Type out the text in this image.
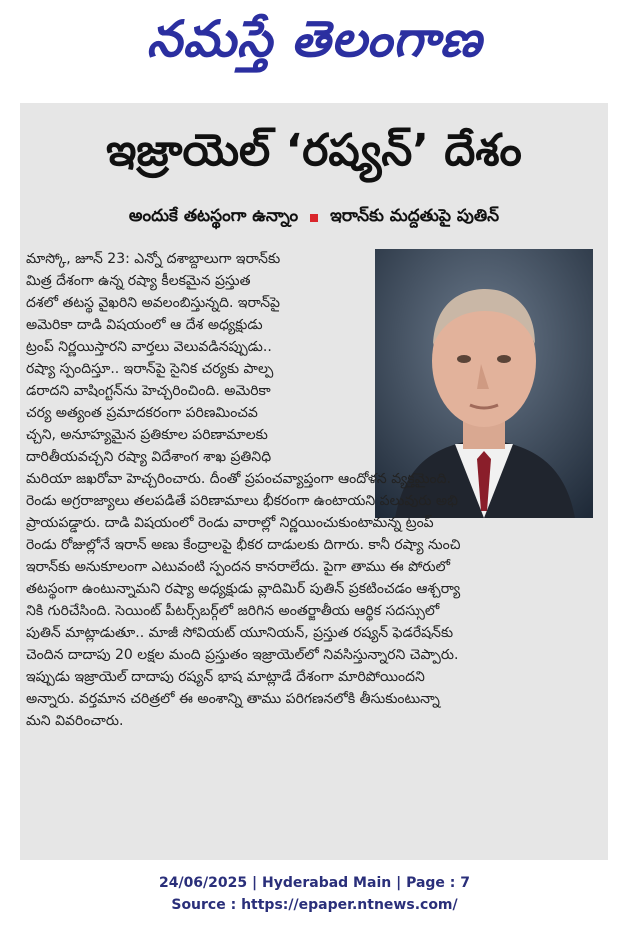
నమస్తే తెలంగాణ
ఇజ్రాయెల్ ‘రష్యన్’ దేశం
అందుకే తటస్థంగా ఉన్నాం ఇరాన్‌కు మద్దతుపై పుతిన్
మాస్కో, జూన్ 23: ఎన్నో దశాబ్దాలుగా ఇరాన్‌కు
మిత్ర దేశంగా ఉన్న రష్యా కీలకమైన ప్రస్తుత
దశలో తటస్థ వైఖరిని అవలంబిస్తున్నది. ఇరాన్‌పై
అమెరికా దాడి విషయంలో ఆ దేశ అధ్యక్షుడు
ట్రంప్ నిర్ణయిస్తారని వార్తలు వెలువడినప్పుడు..
రష్యా స్పందిస్తూ.. ఇరాన్‌పై సైనిక చర్యకు పాల్ప
డరాదని వాషింగ్టన్‌ను హెచ్చరించింది. అమెరికా
చర్య అత్యంత ప్రమాదకరంగా పరిణమించవ
చ్చని, అనూహ్యమైన ప్రతికూల పరిణామాలకు
దారితీయవచ్చని రష్యా విదేశాంగ శాఖ ప్రతినిధి
మరియా జఖరోవా హెచ్చరించారు. దీంతో ప్రపంచవ్యాప్తంగా ఆందోళన వ్యక్తమైంది.
రెండు అగ్రరాజ్యాలు తలపడితే పరిణామాలు భీకరంగా ఉంటాయని పలువురు అభి
ప్రాయపడ్డారు. దాడి విషయంలో రెండు వారాల్లో నిర్ణయించుకుంటామన్న ట్రంప్
రెండు రోజుల్లోనే ఇరాన్ అణు కేంద్రాలపై భీకర దాడులకు దిగారు. కానీ రష్యా నుంచి
ఇరాన్‌కు అనుకూలంగా ఎటువంటి స్పందన కానరాలేదు. పైగా తాము ఈ పోరులో
తటస్థంగా ఉంటున్నామని రష్యా అధ్యక్షుడు వ్లాదిమిర్ పుతిన్ ప్రకటించడం ఆశ్చర్యా
నికి గురిచేసింది. సెయింట్ పీటర్స్‌బర్గ్‌లో జరిగిన అంతర్జాతీయ ఆర్థిక సదస్సులో
పుతిన్ మాట్లాడుతూ.. మాజీ సోవియట్ యూనియన్, ప్రస్తుత రష్యన్ ఫెడరేషన్‌కు
చెందిన దాదాపు 20 లక్షల మంది ప్రస్తుతం ఇజ్రాయెల్‌లో నివసిస్తున్నారని చెప్పారు.
ఇప్పుడు ఇజ్రాయెల్ దాదాపు రష్యన్ భాష మాట్లాడే దేశంగా మారిపోయిందని
అన్నారు. వర్తమాన చరిత్రలో ఈ అంశాన్ని తాము పరిగణనలోకి తీసుకుంటున్నా
మని వివరించారు.
24/06/2025 | Hyderabad Main | Page : 7
Source : https://epaper.ntnews.com/
